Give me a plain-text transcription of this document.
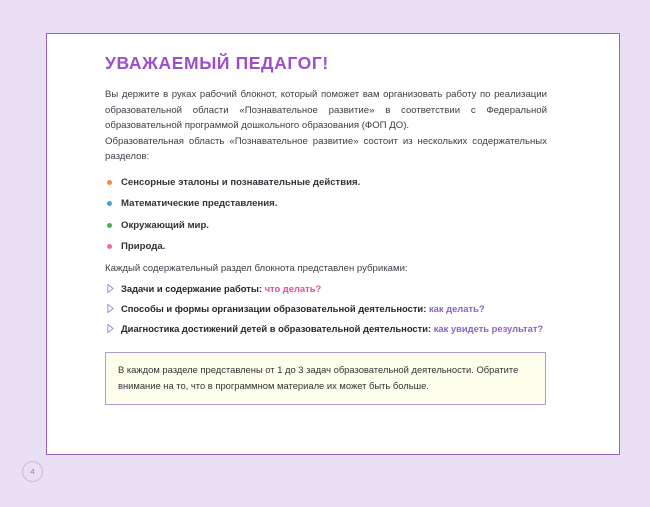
УВАЖАЕМЫЙ ПЕДАГОГ!

Вы держите в руках рабочий блокнот, который поможет вам организовать работу по реализации образовательной области «Познавательное развитие» в соответствии с Федеральной образовательной программой дошкольного образования (ФОП ДО).

Образовательная область «Познавательное развитие» состоит из нескольких содержательных разделов:

Сенсорные эталоны и познавательные действия.
Математические представления.
Окружающий мир.
Природа.

Каждый содержательный раздел блокнота представлен рубриками:

Задачи и содержание работы: что делать?
Способы и формы организации образовательной деятельности: как делать?
Диагностика достижений детей в образовательной деятельности: как увидеть результат?

В каждом разделе представлены от 1 до 3 задач образовательной деятельности. Обратите внимание на то, что в программном материале их может быть больше.

4
